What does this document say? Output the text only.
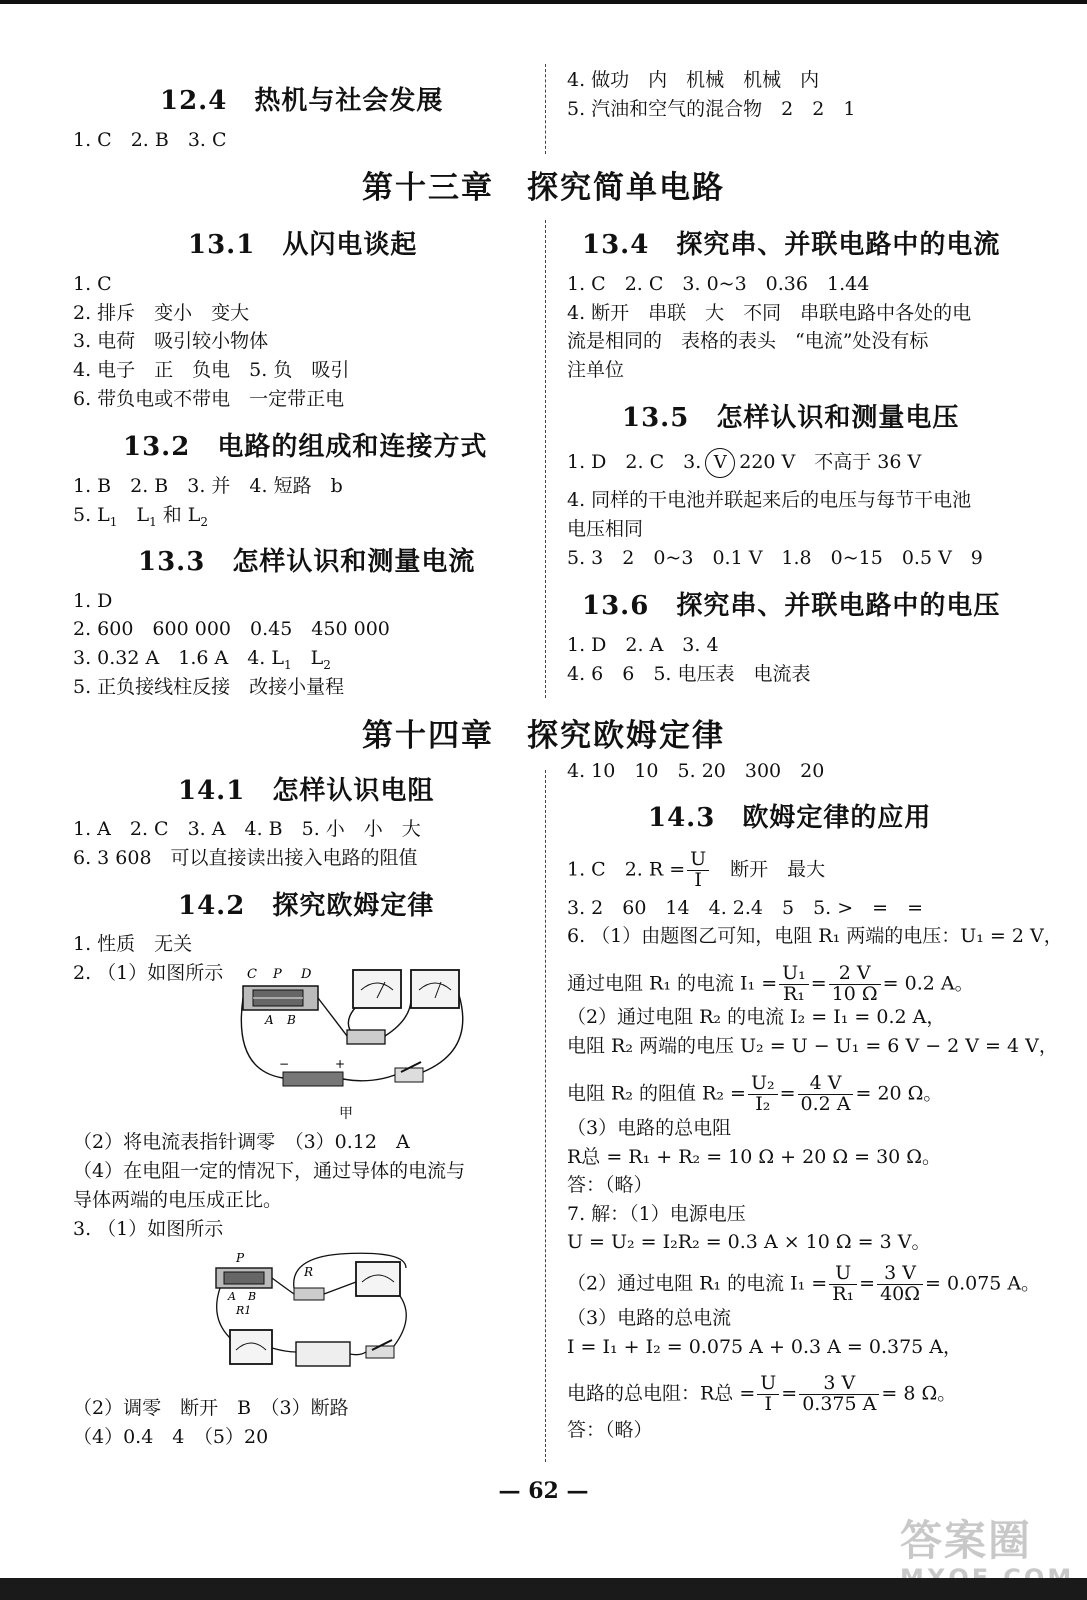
12.4　热机与社会发展

1. C　2. B　3. C

4. 做功　内　机械　机械　内

5. 汽油和空气的混合物　2　2　1

第十三章　探究简单电路
13.1　从闪电谈起

1. C

2. 排斥　变小　变大

3. 电荷　吸引较小物体

4. 电子　正　负电　5. 负　吸引

6. 带负电或不带电　一定带正电

13.2　电路的组成和连接方式

1. B　2. B　3. 并　4. 短路　b

5. $L_1$　$L_1$ 和 $L_2$

13.3　怎样认识和测量电流

1. D

2. 600　600 000　0.45　450 000

3. 0.32 A　1.6 A　4. $L_1$　$L_2$

5. 正负接线柱反接　改接小量程

13.4　探究串、并联电路中的电流

1. C　2. C　3. 0~3　0.36　1.44

4. 断开　串联　大　不同　串联电路中各处的电

流是相同的　表格的表头　“电流”处没有标

注单位

13.5　怎样认识和测量电压

1. D　2. C　3. V 220 V　不高于 36 V

4. 同样的干电池并联起来后的电压与每节干电池

电压相同

5. 3　2　0~3　0.1 V　1.8　0~15　0.5 V　9

13.6　探究串、并联电路中的电压

1. D　2. A　3. 4

4. 6　6　5. 电压表　电流表

第十四章　探究欧姆定律
14.1　怎样认识电阻

1. A　2. C　3. A　4. B　5. 小　小　大

6. 3 608　可以直接读出接入电路的阻值

14.2　探究欧姆定律

1. 性质　无关

2. （1）如图所示 C P D
A B
−	+
甲

（2）将电流表指针调零　（3）0.12　A

（4）在电阻一定的情况下，通过导体的电流与

导体两端的电压成正比。

3. （1）如图所示

P
A B
R1
R

（2）调零　断开　B　（3）断路

（4）0.4　4　（5）20

4. 10　10　5. 20　300　20

14.3　欧姆定律的应用

1. C　2. $R = \frac{U}{I}$
　 断开　最大

3. 2　60　14　4. 2.4　5　5. >　=　=

6. （1）由题图乙可知，电阻 R₁ 两端的电压：U₁ = 2 V，

通过电阻 R₁ 的电流 $I_1 = \frac{\text{U₁}}{\text{R₁}} = \frac{2 V}{10 \Omega} = 0.2$ A。

（2）通过电阻 R₂ 的电流 I₂ = I₁ = 0.2 A，

电阻 R₂ 两端的电压 U₂ = U − U₁ = 6 V − 2 V = 4 V，

电阻 R₂ 的阻值 $R_2 = \frac{\text{U₂}}{\text{I₂}} = \frac{4 V}{0.2 A} = 20$ Ω。

（3）电路的总电阻

R总 = R₁ + R₂ = 10 Ω + 20 Ω = 30 Ω。

答：（略）

7. 解：（1）电源电压

U = U₂ = I₂R₂ = 0.3 A × 10 Ω = 3 V。

（2）通过电阻 R₁ 的电流 $I_1 = \frac{U}{\text{R₁}} = \frac{3 V}{40\Omega} = 0.075$ A。

（3）电路的总电流

I = I₁ + I₂ = 0.075 A + 0.3 A = 0.375 A，

电路的总电阻：R总 = $\frac{U}{I} = \frac{3 V}{0.375 A} = 8$ Ω。

答：（略）

— 62 —
答案圈
